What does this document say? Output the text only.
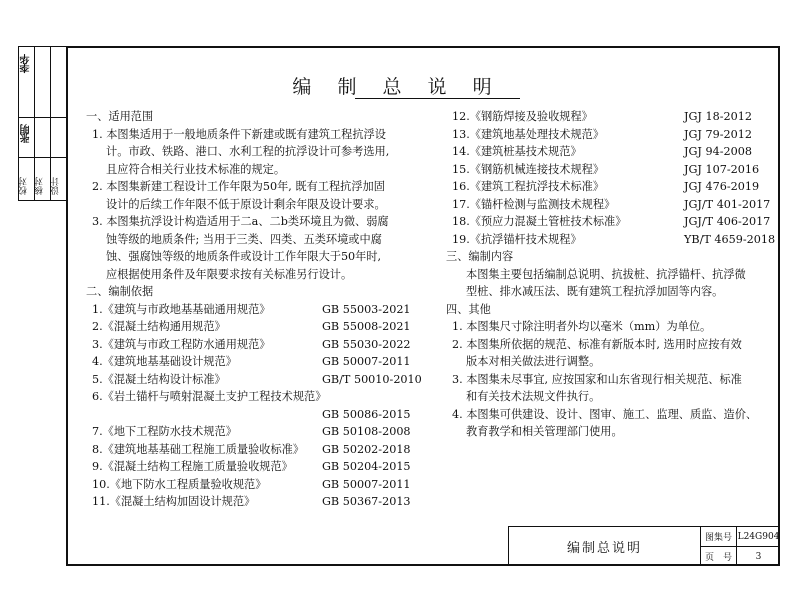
校对 核对 设计
李华
张明
编 制 总 说 明
一、适用范围
1. 本图集适用于一般地质条件下新建或既有建筑工程抗浮设
计。市政、铁路、港口、水利工程的抗浮设计可参考选用,
且应符合相关行业技术标准的规定。
2. 本图集新建工程设计工作年限为50年, 既有工程抗浮加固
设计的后续工作年限不低于原设计剩余年限及设计要求。
3. 本图集抗浮设计构造适用于二a、二b类环境且为微、弱腐
蚀等级的地质条件; 当用于三类、四类、五类环境或中腐
蚀、强腐蚀等级的地质条件或设计工作年限大于50年时,
应根据使用条件及年限要求按有关标准另行设计。
二、编制依据
1.《建筑与市政地基基础通用规范》	GB 55003-2021
2.《混凝土结构通用规范》	GB 55008-2021
3.《建筑与市政工程防水通用规范》	GB 55030-2022
4.《建筑地基基础设计规范》	GB 50007-2011
5.《混凝土结构设计标准》	GB/T 50010-2010
6.《岩土锚杆与喷射混凝土支护工程技术规范》
GB 50086-2015
7.《地下工程防水技术规范》	GB 50108-2008
8.《建筑地基基础工程施工质量验收标准》 GB 50202-2018
9.《混凝土结构工程施工质量验收规范》	GB 50204-2015
10.《地下防水工程质量验收规范》	GB 50007-2011
11.《混凝土结构加固设计规范》	GB 50367-2013
12.《钢筋焊接及验收规程》	JGJ 18-2012
13.《建筑地基处理技术规范》	JGJ 79-2012
14.《建筑桩基技术规范》	JGJ 94-2008
15.《钢筋机械连接技术规程》	JGJ 107-2016
16.《建筑工程抗浮技术标准》	JGJ 476-2019
17.《锚杆检测与监测技术规程》	JGJ/T 401-2017
18.《预应力混凝土管桩技术标准》	JGJ/T 406-2017
19.《抗浮锚杆技术规程》	YB/T 4659-2018
三、编制内容
本图集主要包括编制总说明、抗拔桩、抗浮锚杆、抗浮微
型桩、排水减压法、既有建筑工程抗浮加固等内容。
四、其他
1. 本图集尺寸除注明者外均以毫米（mm）为单位。
2. 本图集所依据的规范、标准有新版本时, 选用时应按有效
版本对相关做法进行调整。
3. 本图集未尽事宜, 应按国家和山东省现行相关规范、标准
和有关技术法规文件执行。
4. 本图集可供建设、设计、图审、施工、监理、质监、造价、
教育教学和相关管理部门使用。
编制总说明
图集号 L24G904
页　号	3
